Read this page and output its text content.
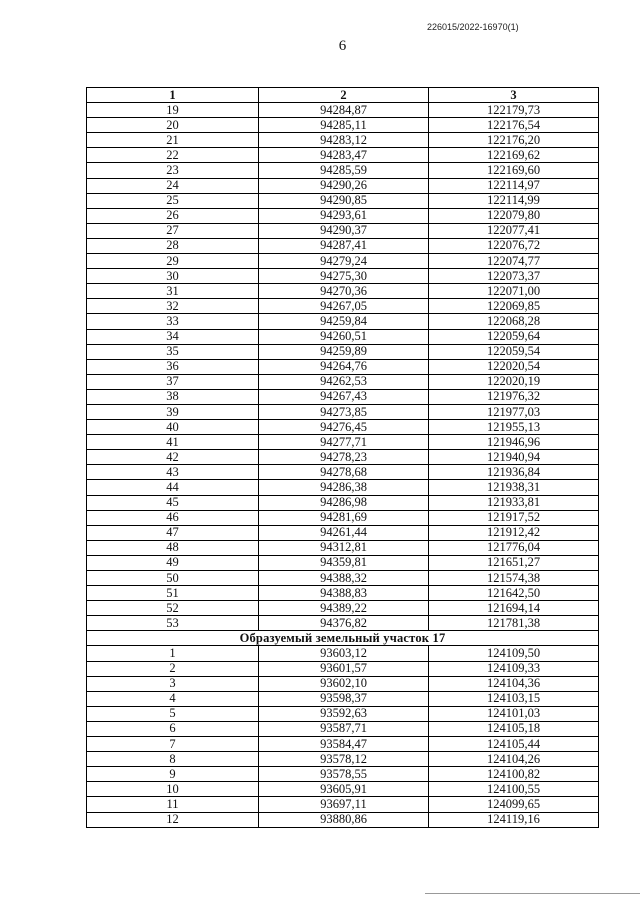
226015/2022-16970(1)
6
1	2	3
19	94284,87	122179,73
20	94285,11	122176,54
21	94283,12	122176,20
22	94283,47	122169,62
23	94285,59	122169,60
24	94290,26	122114,97
25	94290,85	122114,99
26	94293,61	122079,80
27	94290,37	122077,41
28	94287,41	122076,72
29	94279,24	122074,77
30	94275,30	122073,37
31	94270,36	122071,00
32	94267,05	122069,85
33	94259,84	122068,28
34	94260,51	122059,64
35	94259,89	122059,54
36	94264,76	122020,54
37	94262,53	122020,19
38	94267,43	121976,32
39	94273,85	121977,03
40	94276,45	121955,13
41	94277,71	121946,96
42	94278,23	121940,94
43	94278,68	121936,84
44	94286,38	121938,31
45	94286,98	121933,81
46	94281,69	121917,52
47	94261,44	121912,42
48	94312,81	121776,04
49	94359,81	121651,27
50	94388,32	121574,38
51	94388,83	121642,50
52	94389,22	121694,14
53	94376,82	121781,38
Образуемый земельный участок 17		
1	93603,12	124109,50
2	93601,57	124109,33
3	93602,10	124104,36
4	93598,37	124103,15
5	93592,63	124101,03
6	93587,71	124105,18
7	93584,47	124105,44
8	93578,12	124104,26
9	93578,55	124100,82
10	93605,91	124100,55
11	93697,11	124099,65
12	93880,86	124119,16
